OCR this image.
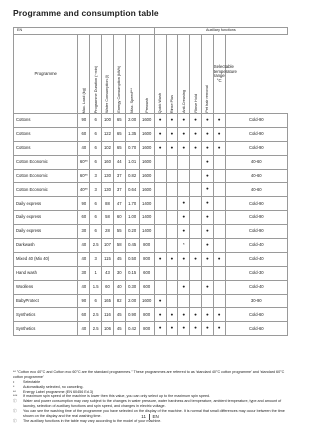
Programme and consumption table
EN							Auxiliary functions						
Programme	Max. Load (kg)	Programme Duration (~min)	Water Consumption (l)	Energy Consumption (kWh)	Max. Speed***	Prewash	Quick Wash	Rinse Plus	Anti-Creasing	Rinse Hold	Pet hair removal	Selectable temperature range °C	
Cottons	90	6	100	65	2.00	1600	●	●	●	●	●	●	Cold-90
Cottons	60	6	122	65	1.35	1600	●	●	●	●	●	●	Cold-90
Cottons	40	6	102	65	0.70	1600	●	●	●	●	●	●	Cold-90
Cotton Economic	60**	6	160	44	1.01	1600					●		40-60
Cotton Economic	60**	3	130	37	0.82	1600					●		40-60
Cotton Economic	40**	3	130	37	0.64	1600					●		40-60
Daily express	90	6	88	47	1.70	1400			●		●		Cold-90
Daily express	60	6	58	60	1.00	1400			●		●		Cold-90
Daily express	30	6	28	55	0.20	1400			●		●		Cold-90
Darkwash	40	2.5	107	58	0.45	800			*		●		Cold-40
Mixed 40 (Mix 40)	40	3	115	45	0.50	800	●	●	●	●	●	●	Cold-40
Hand wash	30	1	43	30	0.15	600							Cold-30
Woollens	40	1.5	60	40	0.30	600			●		●		Cold-40
BabyProtect	90	6	165	82	2.00	1600	●						30-90
Synthetics	60	2.5	116	45	0.90	800	●	●	●	●	●	●	Cold-60
Synthetics	40	2.5	106	45	0.42	800	●	●	●	●	●	●	Cold-60
** "Cotton eco 40°C and Cotton eco 60°C are the standard programmes." These programmes are referred to as 'standard 40°C cotton programme' and 'standard 60°C cotton programme'
•	Selectable
*	Automatically selected, no canceling.
**	Energy Label programme (EN 60456 Ed.3)
***	If maximum spin speed of the machine is lower then this value, you can only select up to the maximum spin speed.
ⓘ	Water and power consumption may vary subject to the changes in water pressure, water hardness and temperature, ambient temperature, type and amount of laundry, selection of auxiliary functions and spin speed, and changes in electric voltage.
ⓘ	You can see the washing time of the programme you have selected on the display of the machine. It is normal that small differences may occur between the time shown on the display and the real washing time.
ⓘ	The auxiliary functions in the table may vary according to the model of your machine.
11 EN
